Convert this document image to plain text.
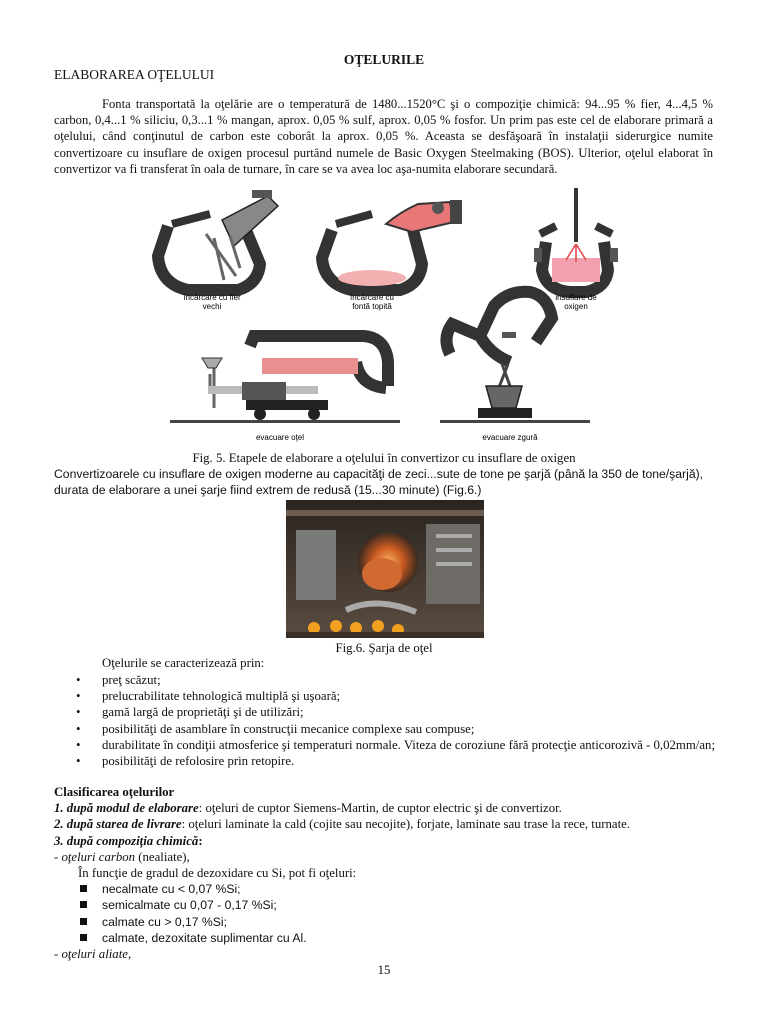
OŢELURILE
ELABORAREA OŢELULUI
Fonta transportată la oţelărie are o temperatură de 1480...1520°C şi o compoziţie chimică: 94...95 % fier, 4...4,5 % carbon, 0,4...1 % siliciu, 0,3...1 % mangan, aprox. 0,05 % sulf, aprox. 0,05 % fosfor. Un prim pas este cel de elaborare primară a oţelului, când conţinutul de carbon este coborât la aprox. 0,05 %. Aceasta se desfăşoară în instalaţii siderurgice numite convertizoare cu insuflare de oxigen procesul purtând numele de Basic Oxygen Steelmaking (BOS). Ulterior, oţelul elaborat în convertizor va fi transferat în oala de turnare, în care se va avea loc aşa-numita elaborare secundară.
încărcare cu fier
vechi
încărcare cu
fontă topită
insuflare de
oxigen
evacuare oţel	evacuare zgură
Fig. 5. Etapele de elaborare a oţelului în convertizor cu insuflare de oxigen
Convertizoarele cu insuflare de oxigen moderne au capacităţi de zeci...sute de tone pe şarjă (până la 350 de tone/şarjă), durata de elaborare a unei şarje fiind extrem de redusă (15...30 minute) (Fig.6.)
Fig.6. Şarja de oţel
Oţelurile se caracterizează prin:
• preţ scăzut;
• prelucrabilitate tehnologică multiplă şi uşoară;
• gamă largă de proprietăţi şi de utilizări;
• posibilităţi de asamblare în construcţii mecanice complexe sau compuse;
• durabilitate în condiţii atmosferice şi temperaturi normale. Viteza de coroziune fără protecţie anticorozivă - 0,02mm/an;
• posibilităţi de refolosire prin retopire.
Clasificarea oţelurilor
1. după modul de elaborare: oţeluri de cuptor Siemens-Martin, de cuptor electric şi de convertizor.
2. după starea de livrare: oţeluri laminate la cald (cojite sau necojite), forjate, laminate sau trase la rece, turnate.
3. după compoziţia chimică:
- oţeluri carbon (nealiate),
În funcţie de gradul de dezoxidare cu Si, pot fi oţeluri:
necalmate cu < 0,07 %Si;
semicalmate cu 0,07 - 0,17 %Si;
calmate cu > 0,17 %Si;
calmate, dezoxitate suplimentar cu Al.
- oţeluri aliate,
15
